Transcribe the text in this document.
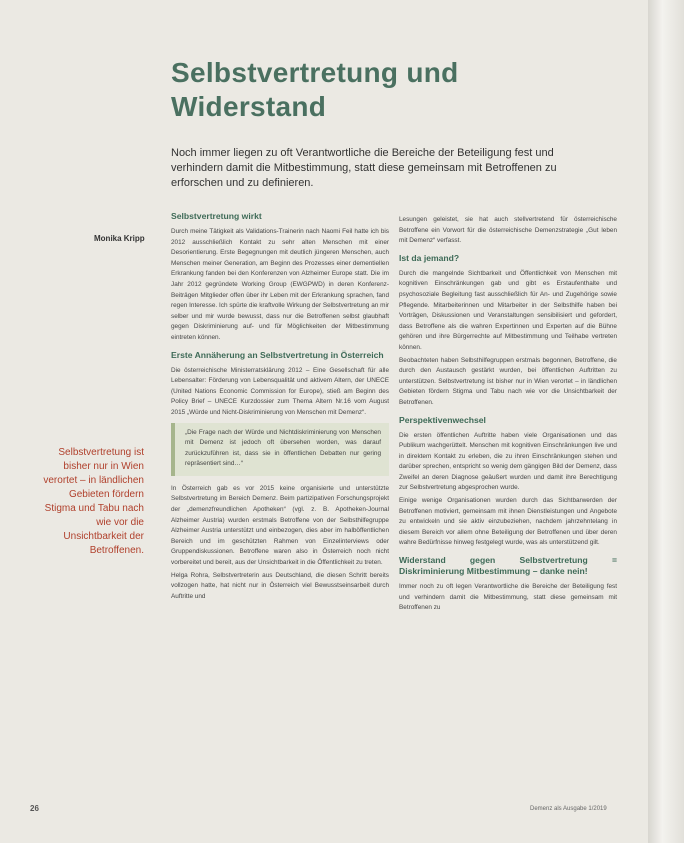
Selbstvertretung und
Widerstand

Noch immer liegen zu oft Verantwortliche die Bereiche der Beteiligung fest und verhindern damit die Mitbestimmung, statt diese gemeinsam mit Betroffenen zu erforschen und zu definieren.

Monika Kripp

Selbstvertretung ist bisher nur in Wien verortet – in ländlichen Gebieten fördern Stigma und Tabu nach wie vor die Unsichtbarkeit der Betroffenen.

Selbstvertretung wirkt

Durch meine Tätigkeit als Validations-Trainerin nach Naomi Feil hatte ich bis 2012 ausschließlich Kontakt zu sehr alten Menschen mit einer Desorientierung. Erste Begegnungen mit deutlich jüngeren Menschen, auch Menschen meiner Generation, am Beginn des Prozesses einer dementiellen Erkrankung fanden bei den Konferenzen von Alzheimer Europe statt. Die im Jahr 2012 gegründete Working Group (EWGPWD) in deren Konferenz-Beiträgen Mitglieder offen über ihr Leben mit der Erkrankung sprachen, fand regen Interesse. Ich spürte die kraftvolle Wirkung der Selbstvertretung an mir selber und mir wurde bewusst, dass nur die Betroffenen selbst glaubhaft gegen Diskriminierung auf- und für Möglichkeiten der Mitbestimmung eintreten können.

Erste Annäherung an Selbstvertretung in Österreich

Die österreichische Ministerratsklärung 2012 – Eine Gesellschaft für alle Lebensalter: Förderung von Lebensqualität und aktivem Altern, der UNECE (United Nations Economic Commission for Europe), stieß am Beginn des Policy Brief – UNECE Kurzdossier zum Thema Altern Nr.16 vom August 2015 „Würde und Nicht-Diskriminierung von Menschen mit Demenz“.

„Die Frage nach der Würde und Nichtdiskriminierung von Menschen mit Demenz ist jedoch oft übersehen worden, was darauf zurückzuführen ist, dass sie in öffentlichen Debatten nur gering repräsentiert sind…“

In Österreich gab es vor 2015 keine organisierte und unterstützte Selbstvertretung im Bereich Demenz. Beim partizipativen Forschungsprojekt der „demenzfreundlichen Apotheken“ (vgl. z. B. Apotheken-Journal Alzheimer Austria) wurden erstmals Betroffene von der Selbsthilfegruppe Alzheimer Austria unterstützt und einbezogen, dies aber im halböffentlichen Bereich und im geschützten Rahmen von Einzelinterviews oder Gruppendiskussionen. Betroffene waren also in Österreich noch nicht vorbereitet und bereit, aus der Unsichtbarkeit in die Öffentlichkeit zu treten.

Helga Rohra, Selbstvertreterin aus Deutschland, die diesen Schritt bereits vollzogen hatte, hat nicht nur in Österreich viel Bewusstseinsarbeit durch Auftritte und

Lesungen geleistet, sie hat auch stellvertretend für österreichische Betroffene ein Vorwort für die österreichische Demenzstrategie „Gut leben mit Demenz“ verfasst.

Ist da jemand?

Durch die mangelnde Sichtbarkeit und Öffentlichkeit von Menschen mit kognitiven Einschränkungen gab und gibt es Erstaufenthalte und psychosoziale Begleitung fast ausschließlich für An- und Zugehörige sowie Pflegende. Mitarbeiterinnen und Mitarbeiter in der Selbsthilfe haben bei Vorträgen, Diskussionen und Veranstaltungen sensibilisiert und gefordert, dass Betroffene als die wahren Expertinnen und Experten auf die Bühne gehören und ihre Bürgerrechte auf Mitbestimmung und Teilhabe vertreten können.

Beobachteten haben Selbsthilfegruppen erstmals begonnen, Betroffene, die durch den Austausch gestärkt wurden, bei öffentlichen Auftritten zu unterstützen. Selbstvertretung ist bisher nur in Wien verortet – in ländlichen Gebieten fördern Stigma und Tabu nach wie vor die Unsichtbarkeit der Betroffenen.

Perspektivenwechsel

Die ersten öffentlichen Auftritte haben viele Organisationen und das Publikum wachgerüttelt. Menschen mit kognitiven Einschränkungen live und in direktem Kontakt zu erleben, die zu ihren Einschränkungen stehen und darüber sprechen, entspricht so wenig dem gängigen Bild der Demenz, dass Zweifel an deren Diagnose geäußert wurden und damit ihre Berechtigung zur Selbstvertretung abgesprochen wurde.

Einige wenige Organisationen wurden durch das Sichtbarwerden der Betroffenen motiviert, gemeinsam mit ihnen Dienstleistungen und Angebote zu entwickeln und sie aktiv einzubeziehen, nachdem jahrzehntelang in diesem Bereich vor allem ohne Beteiligung der Betroffenen und über deren wahre Bedürfnisse hinweg festgelegt wurde, was als unterstützend gilt.

Widerstand gegen Selbstvertretung = Diskriminierung Mitbestimmung – danke nein!

Immer noch zu oft legen Verantwortliche die Bereiche der Beteiligung fest und verhindern damit die Mitbestimmung, statt diese gemeinsam mit Betroffenen zu

26	Demenz als Ausgabe 1/2019
